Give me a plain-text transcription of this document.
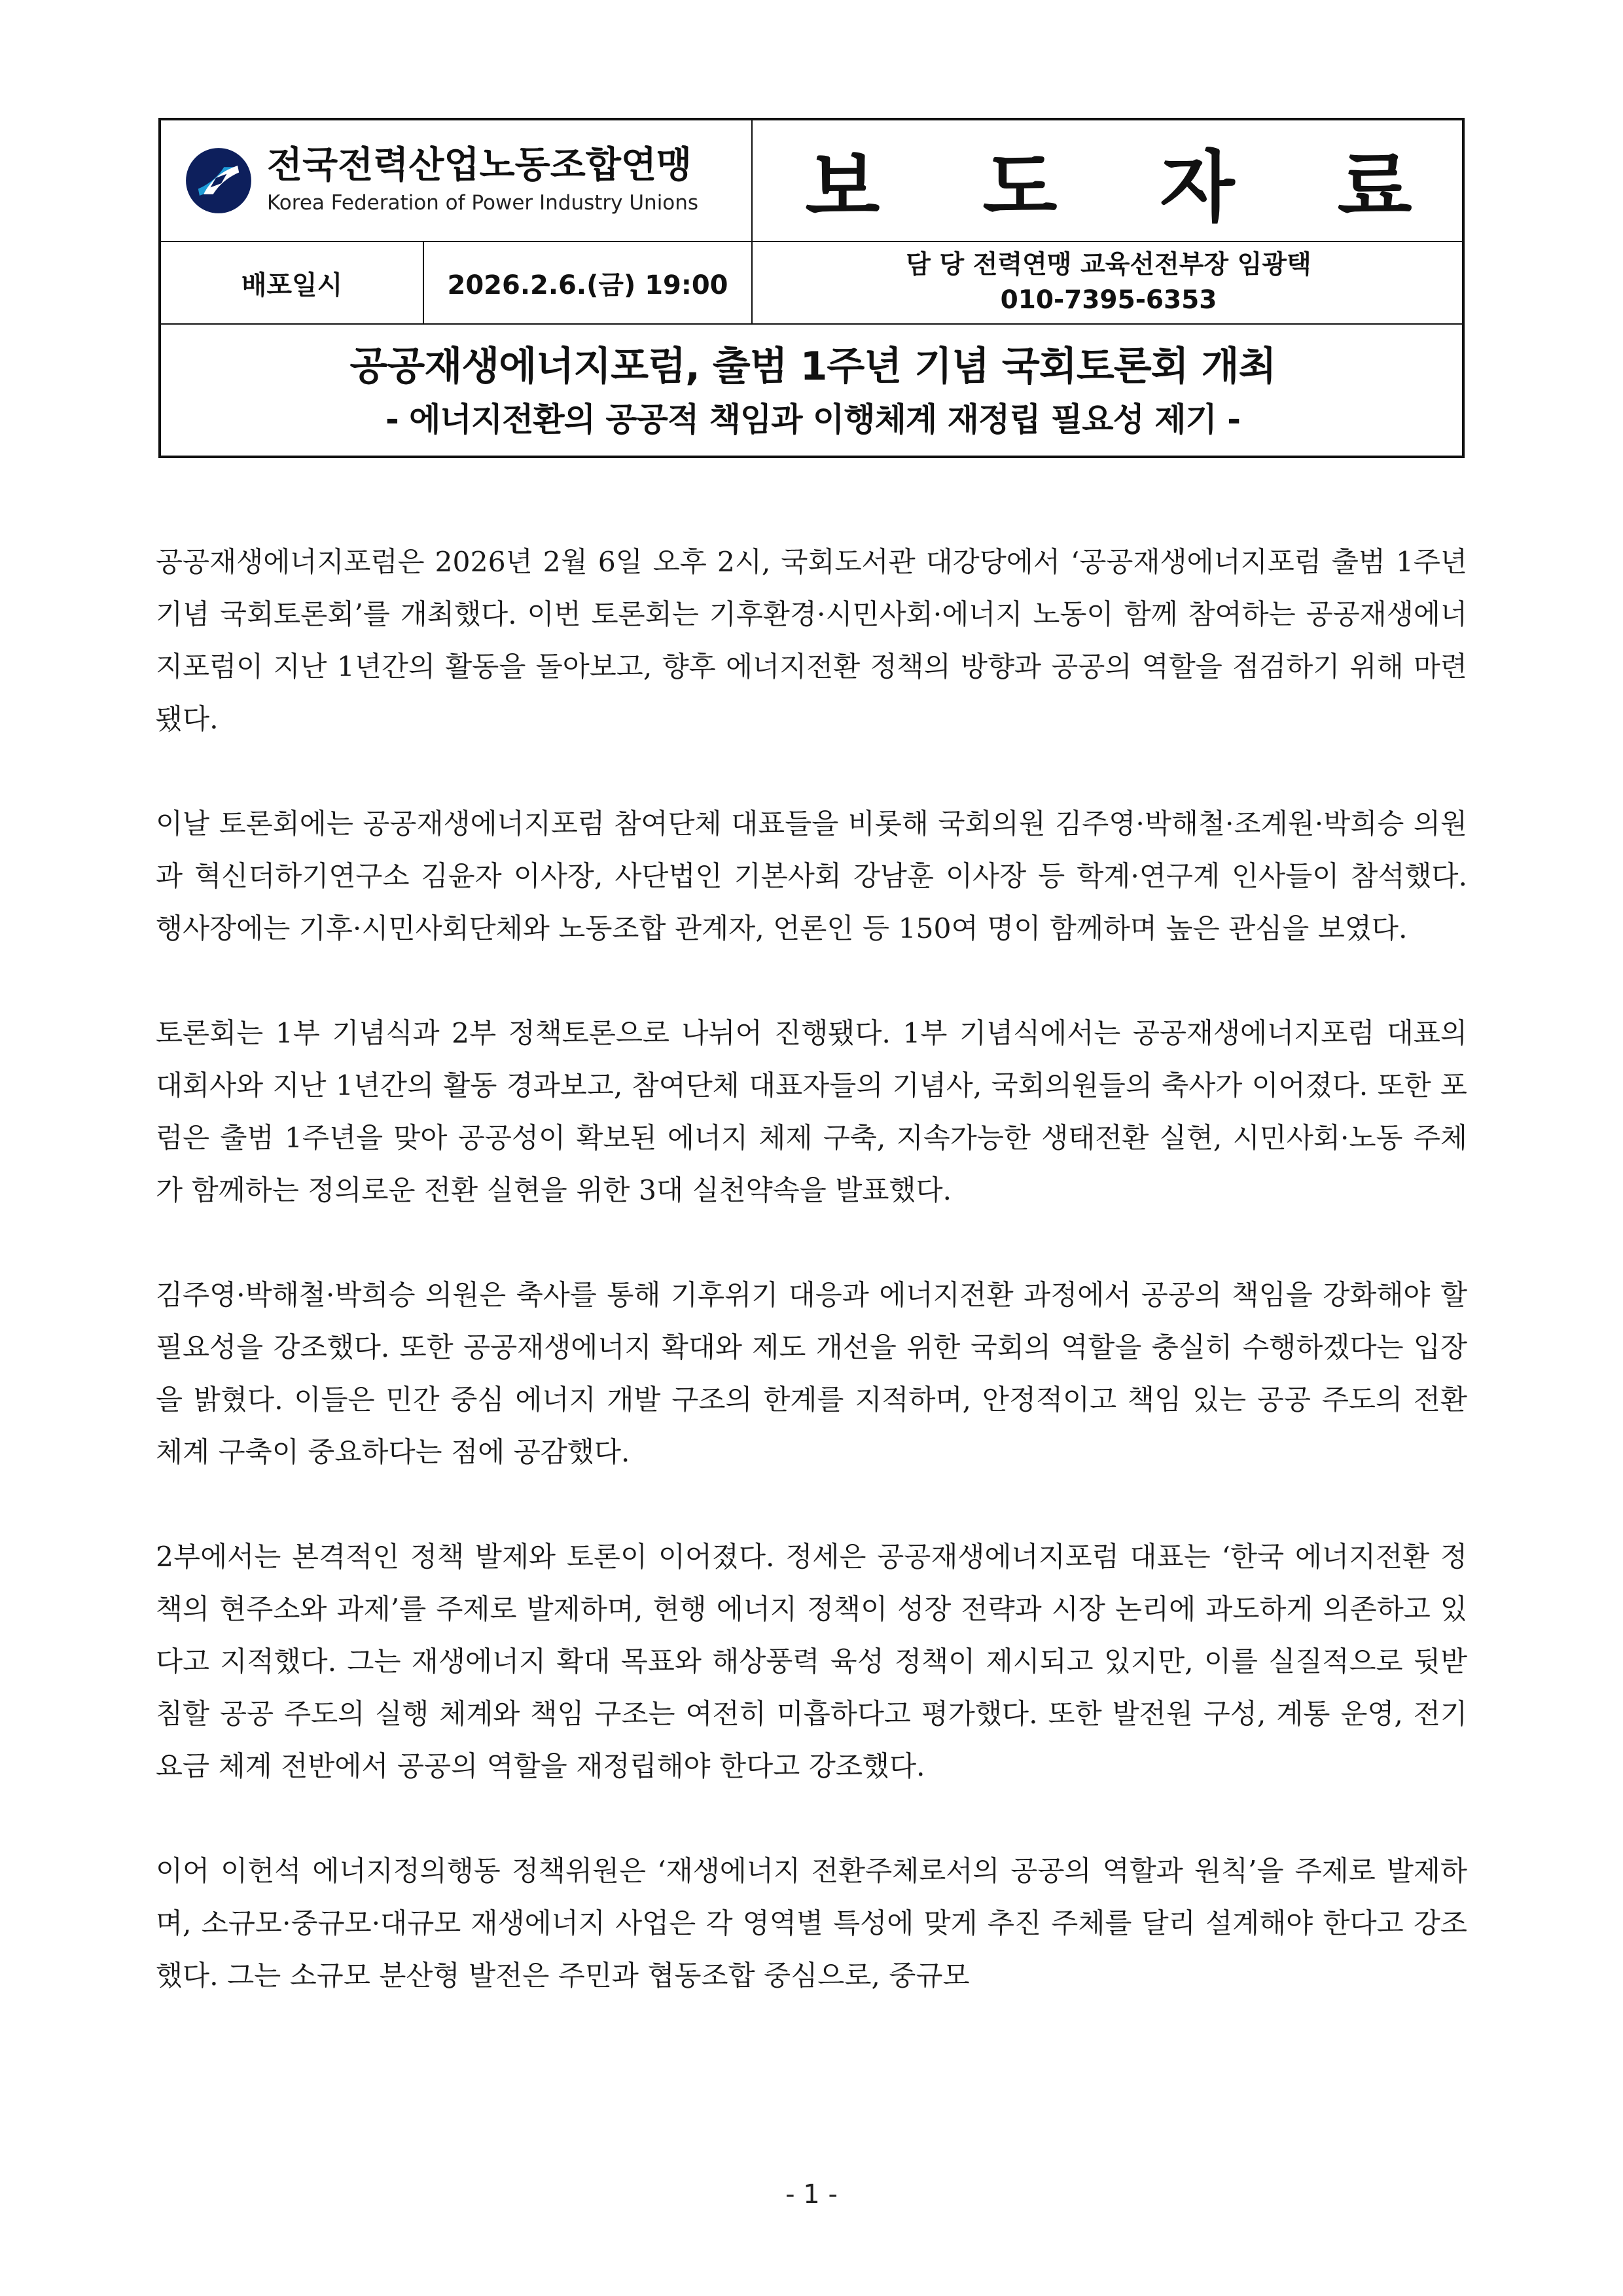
전국전력산업노동조합연맹
Korea Federation of Power Industry Unions	보 도 자 료
배포일시	2026.2.6.(금) 19:00
담 당 전력연맹 교육선전부장 임광택
010-7395-6353
공공재생에너지포럼, 출범 1주년 기념 국회토론회 개최
- 에너지전환의 공공적 책임과 이행체계 재정립 필요성 제기 -

공공재생에너지포럼은 2026년 2월 6일 오후 2시, 국회도서관 대강당에서 ‘공공재생에너지포럼 출범 1주년 기념 국회토론회’를 개최했다. 이번 토론회는 기후환경·시민사회·에너지 노동이 함께 참여하는 공공재생에너지포럼이 지난 1년간의 활동을 돌아보고, 향후 에너지전환 정책의 방향과 공공의 역할을 점검하기 위해 마련됐다.

이날 토론회에는 공공재생에너지포럼 참여단체 대표들을 비롯해 국회의원 김주영·박해철·조계원·박희승 의원과 혁신더하기연구소 김윤자 이사장, 사단법인 기본사회 강남훈 이사장 등 학계·연구계 인사들이 참석했다. 행사장에는 기후·시민사회단체와 노동조합 관계자, 언론인 등 150여 명이 함께하며 높은 관심을 보였다.

토론회는 1부 기념식과 2부 정책토론으로 나뉘어 진행됐다. 1부 기념식에서는 공공재생에너지포럼 대표의 대회사와 지난 1년간의 활동 경과보고, 참여단체 대표자들의 기념사, 국회의원들의 축사가 이어졌다. 또한 포럼은 출범 1주년을 맞아 공공성이 확보된 에너지 체제 구축, 지속가능한 생태전환 실현, 시민사회·노동 주체가 함께하는 정의로운 전환 실현을 위한 3대 실천약속을 발표했다.

김주영·박해철·박희승 의원은 축사를 통해 기후위기 대응과 에너지전환 과정에서 공공의 책임을 강화해야 할 필요성을 강조했다. 또한 공공재생에너지 확대와 제도 개선을 위한 국회의 역할을 충실히 수행하겠다는 입장을 밝혔다. 이들은 민간 중심 에너지 개발 구조의 한계를 지적하며, 안정적이고 책임 있는 공공 주도의 전환 체계 구축이 중요하다는 점에 공감했다.

2부에서는 본격적인 정책 발제와 토론이 이어졌다. 정세은 공공재생에너지포럼 대표는 ‘한국 에너지전환 정책의 현주소와 과제’를 주제로 발제하며, 현행 에너지 정책이 성장 전략과 시장 논리에 과도하게 의존하고 있다고 지적했다. 그는 재생에너지 확대 목표와 해상풍력 육성 정책이 제시되고 있지만, 이를 실질적으로 뒷받침할 공공 주도의 실행 체계와 책임 구조는 여전히 미흡하다고 평가했다. 또한 발전원 구성, 계통 운영, 전기요금 체계 전반에서 공공의 역할을 재정립해야 한다고 강조했다.

이어 이헌석 에너지정의행동 정책위원은 ‘재생에너지 전환주체로서의 공공의 역할과 원칙’을 주제로 발제하며, 소규모·중규모·대규모 재생에너지 사업은 각 영역별 특성에 맞게 추진 주체를 달리 설계해야 한다고 강조했다. 그는 소규모 분산형 발전은 주민과 협동조합 중심으로, 중규모

- 1 -
